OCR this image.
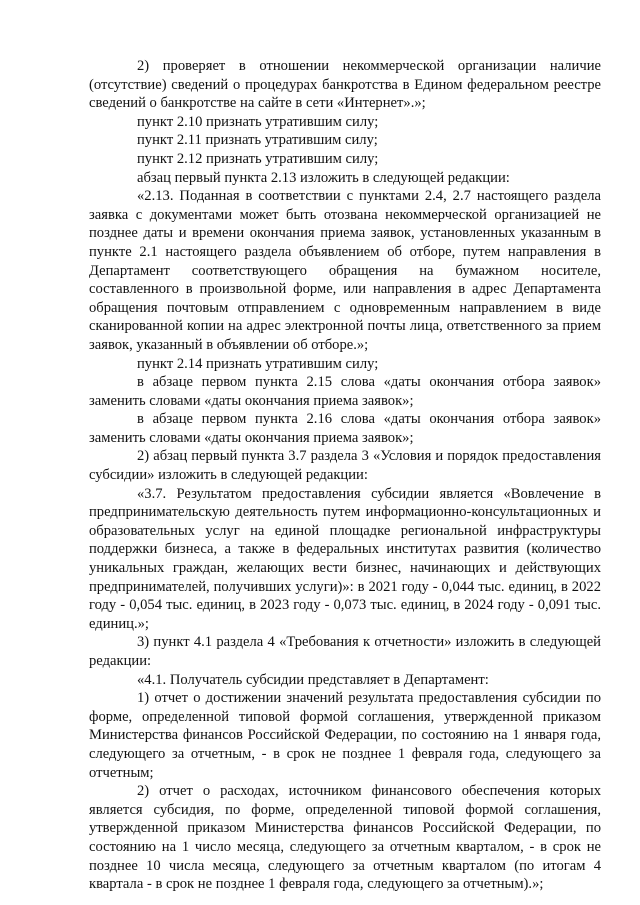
2) проверяет в отношении некоммерческой организации наличие (отсутствие) сведений о процедурах банкротства в Едином федеральном реестре сведений о банкротстве на сайте в сети «Интернет».»;

пункт 2.10 признать утратившим силу;

пункт 2.11 признать утратившим силу;

пункт 2.12 признать утратившим силу;

абзац первый пункта 2.13 изложить в следующей редакции:

«2.13. Поданная в соответствии с пунктами 2.4, 2.7 настоящего раздела заявка с документами может быть отозвана некоммерческой организацией не позднее даты и времени окончания приема заявок, установленных указанным в пункте 2.1 настоящего раздела объявлением об отборе, путем направления в Департамент соответствующего обращения на бумажном носителе, составленного в произвольной форме, или направления в адрес Департамента обращения почтовым отправлением с одновременным направлением в виде сканированной копии на адрес электронной почты лица, ответственного за прием заявок, указанный в объявлении об отборе.»;

пункт 2.14 признать утратившим силу;

в абзаце первом пункта 2.15 слова «даты окончания отбора заявок» заменить словами «даты окончания приема заявок»;

в абзаце первом пункта 2.16 слова «даты окончания отбора заявок» заменить словами «даты окончания приема заявок»;

2) абзац первый пункта 3.7 раздела 3 «Условия и порядок предоставления субсидии» изложить в следующей редакции:

«3.7. Результатом предоставления субсидии является «Вовлечение в предпринимательскую деятельность путем информационно-консультационных и образовательных услуг на единой площадке региональной инфраструктуры поддержки бизнеса, а также в федеральных институтах развития (количество уникальных граждан, желающих вести бизнес, начинающих и действующих предпринимателей, получивших услуги)»: в 2021 году - 0,044 тыс. единиц, в 2022 году - 0,054 тыс. единиц, в 2023 году - 0,073 тыс. единиц, в 2024 году - 0,091 тыс. единиц.»;

3) пункт 4.1 раздела 4 «Требования к отчетности» изложить в следующей редакции:

«4.1. Получатель субсидии представляет в Департамент:

1) отчет о достижении значений результата предоставления субсидии по форме, определенной типовой формой соглашения, утвержденной приказом Министерства финансов Российской Федерации, по состоянию на 1 января года, следующего за отчетным, - в срок не позднее 1 февраля года, следующего за отчетным;

2) отчет о расходах, источником финансового обеспечения которых является субсидия, по форме, определенной типовой формой соглашения, утвержденной приказом Министерства финансов Российской Федерации, по состоянию на 1 число месяца, следующего за отчетным кварталом, - в срок не позднее 10 числа месяца, следующего за отчетным кварталом (по итогам 4 квартала - в срок не позднее 1 февраля года, следующего за отчетным).»;
